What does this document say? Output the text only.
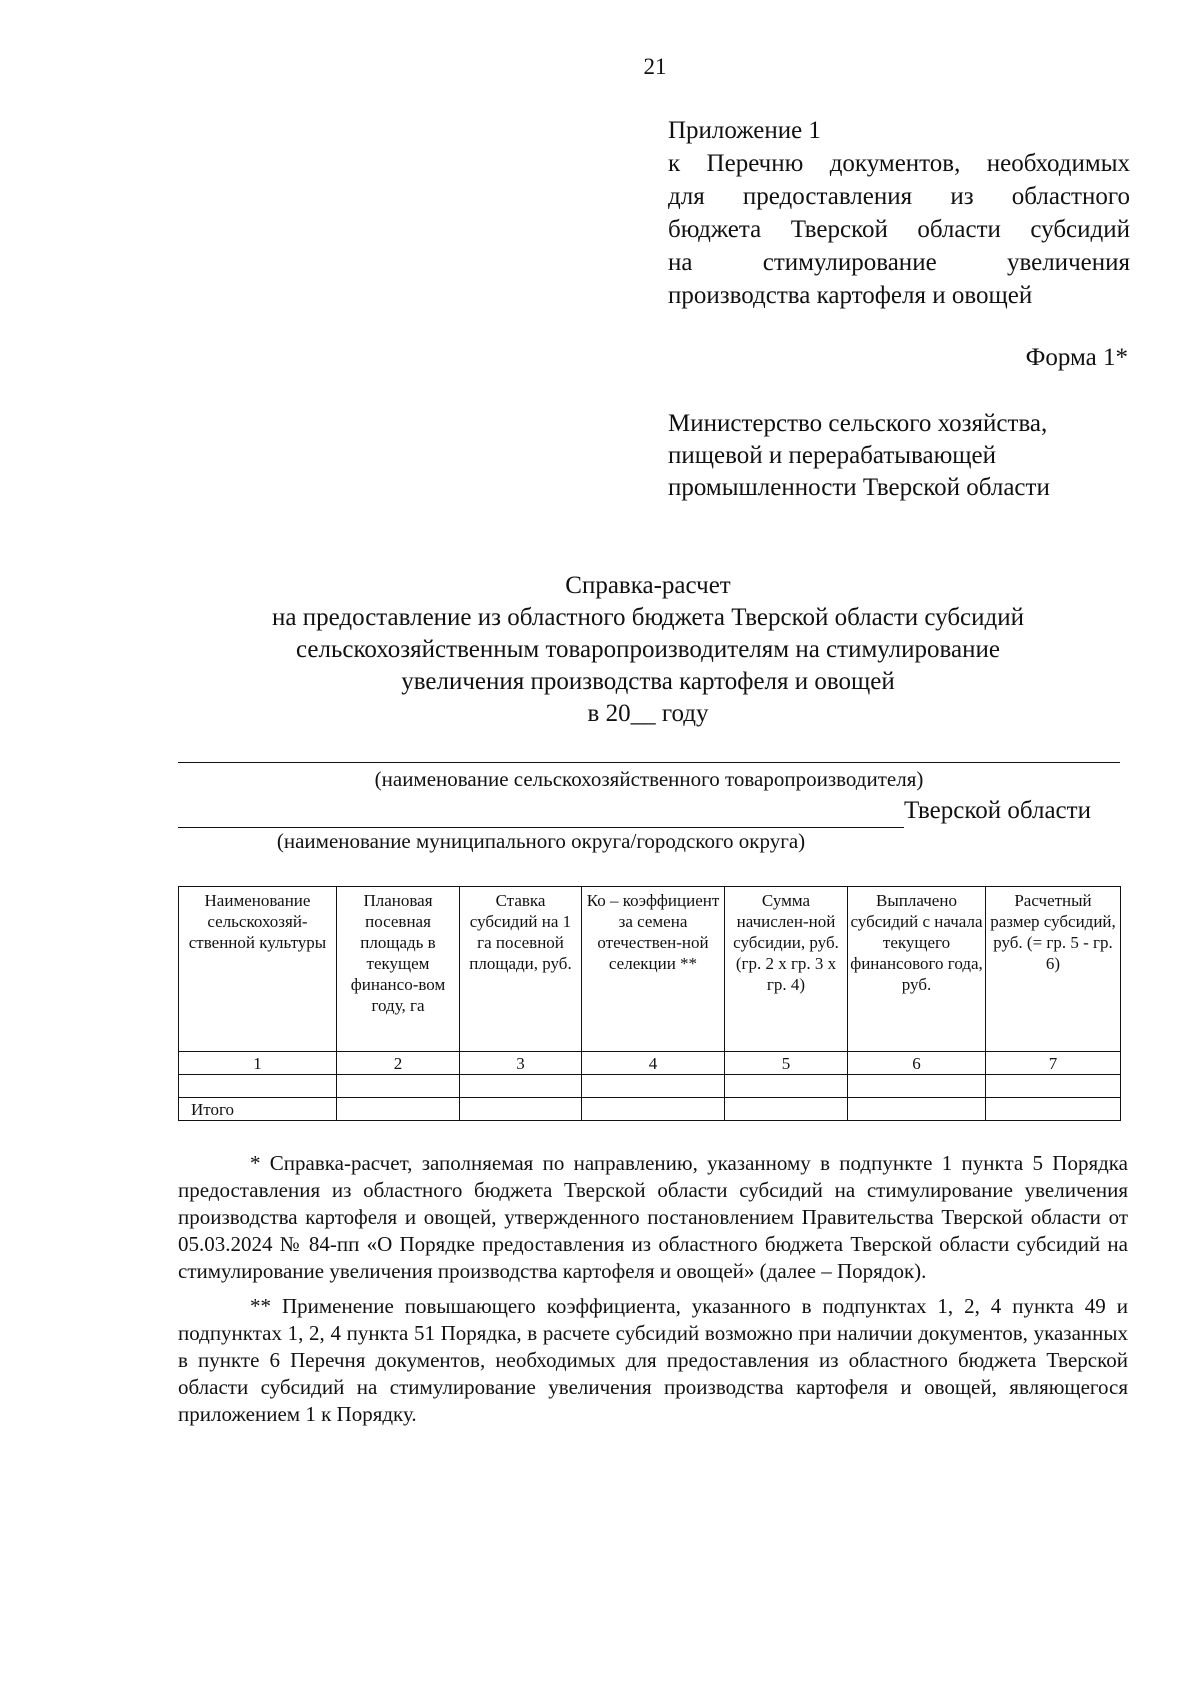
21
Приложение 1
к Перечню документов, необходимых
для предоставления из областного
бюджета Тверской области субсидий
на стимулирование увеличения
производства картофеля и овощей
Форма 1*
Министерство сельского хозяйства,
пищевой и перерабатывающей
промышленности Тверской области
Справка-расчет
на предоставление из областного бюджета Тверской области субсидий
сельскохозяйственным товаропроизводителям на стимулирование
увеличения производства картофеля и овощей
в 20__ году
(наименование сельскохозяйственного товаропроизводителя)
Тверской области
(наименование муниципального округа/городского округа)
Наименование сельскохозяй-ственной культуры	Плановая посевная площадь в текущем финансо-вом году, га	Ставка субсидий на 1 га посевной площади, руб.	Ко – коэффициент за семена отечествен-ной селекции **	Сумма начислен-ной субсидии, руб. (гр. 2 х гр. 3 х гр. 4)	Выплачено субсидий с начала текущего финансового года, руб.	Расчетный размер субсидий, руб. (= гр. 5 - гр. 6)
1	2	3	4	5	6	7

Итого						

* Справка-расчет, заполняемая по направлению, указанному в подпункте 1 пункта 5 Порядка предоставления из областного бюджета Тверской области субсидий на стимулирование увеличения производства картофеля и овощей, утвержденного постановлением Правительства Тверской области от 05.03.2024 № 84-пп «О Порядке предоставления из областного бюджета Тверской области субсидий на стимулирование увеличения производства картофеля и овощей» (далее – Порядок).

** Применение повышающего коэффициента, указанного в подпунктах 1, 2, 4 пункта 49 и подпунктах 1, 2, 4 пункта 51 Порядка, в расчете субсидий возможно при наличии документов, указанных в пункте 6 Перечня документов, необходимых для предоставления из областного бюджета Тверской области субсидий на стимулирование увеличения производства картофеля и овощей, являющегося приложением 1 к Порядку.
